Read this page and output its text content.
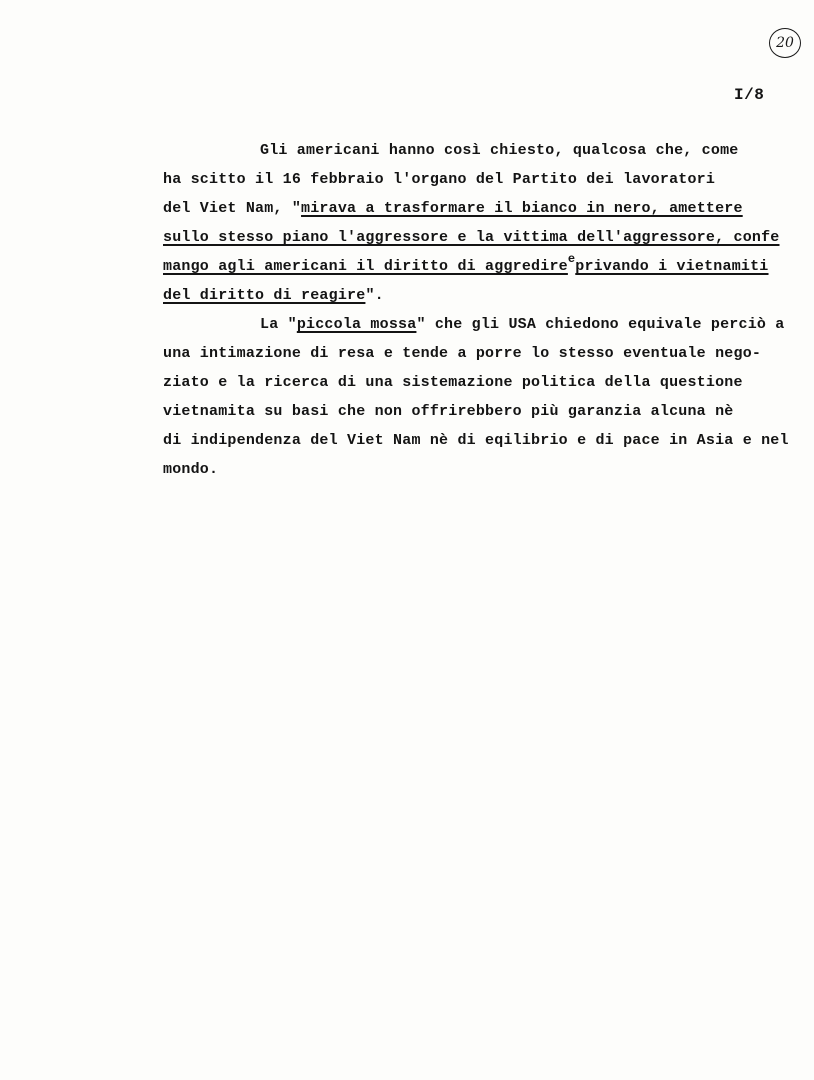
20
I/8
Gli americani hanno così chiesto, qualcosa che, come
ha scitto il 16 febbraio l'organo del Partito dei lavoratori
del Viet Nam, "mirava a trasformare il bianco in nero, ametterе
sullo stesso piano l'aggressore e la vittima dell'aggressore, confe
mango agli americani il diritto di aggredire$^e$privando i vietnamiti
del diritto di reagire".
La "piccola mossa" che gli USA chiedono equivale perciò a
una intimazione di resa e tende a porre lo stesso eventuale nego-
ziato e la ricerca di una sistemazione politica della questione
vietnamita su basi che non offrirebbero più garanzia alcuna nè
di indipendenza del Viet Nam nè di eqilibrio e di pace in Asia e nel
mondo.
